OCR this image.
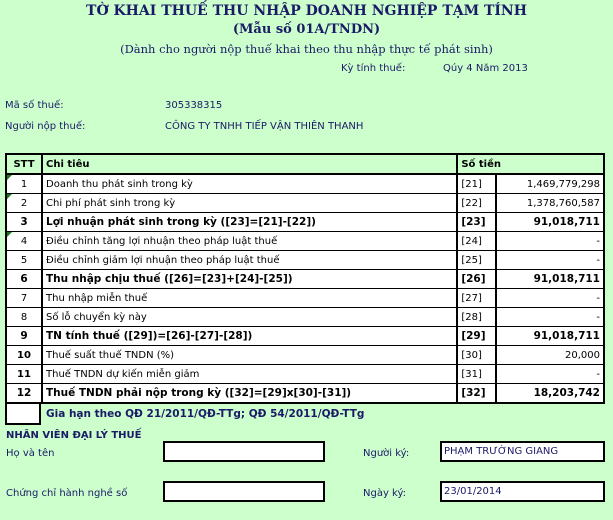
TỜ KHAI THUẾ THU NHẬP DOANH NGHIỆP TẠM TÍNH
(Mẫu số 01A/TNDN)
(Dành cho người nộp thuế khai theo thu nhập thực tế phát sinh)
Kỳ tính thuế:	Qúy 4 Năm 2013
Mã số thuế:	305338315
Người nộp thuế:	CÔNG TY TNHH TIẾP VẬN THIÊN THANH
STT	Chi tiêu	Số tiền	

1	Doanh thu phát sinh trong kỳ	[21]	1,469,779,298

2	Chi phí phát sinh trong kỳ	[22]	1,378,760,587
3	Lợi nhuận phát sinh trong kỳ ([23]=[21]-[22])	[23]	91,018,711

4	Điều chỉnh tăng lợi nhuận theo pháp luật thuế	[24]	-
5	Điều chỉnh giảm lợi nhuận theo pháp luật thuế	[25]	-
6	Thu nhập chịu thuế ([26]=[23]+[24]-[25])	[26]	91,018,711
7	Thu nhập miễn thuế	[27]	-
8	Số lỗ chuyển kỳ này	[28]	-
9	TN tính thuế ([29])=[26]-[27]-[28])	[29]	91,018,711
10	Thuế suất thuế TNDN (%)	[30]	20,000
11	Thuế TNDN dự kiến miễn giảm	[31]	-
12	Thuế TNDN phải nộp trong kỳ ([32]=[29]x[30]-[31])	[32]	18,203,742
Gia hạn theo QĐ 21/2011/QĐ-TTg; QĐ 54/2011/QĐ-TTg
NHÂN VIÊN ĐẠI LÝ THUẾ
Họ và tên	Người ký:	PHẠM TRƯỜNG GIANG
Chứng chỉ hành nghề số	Ngày ký:	23/01/2014
